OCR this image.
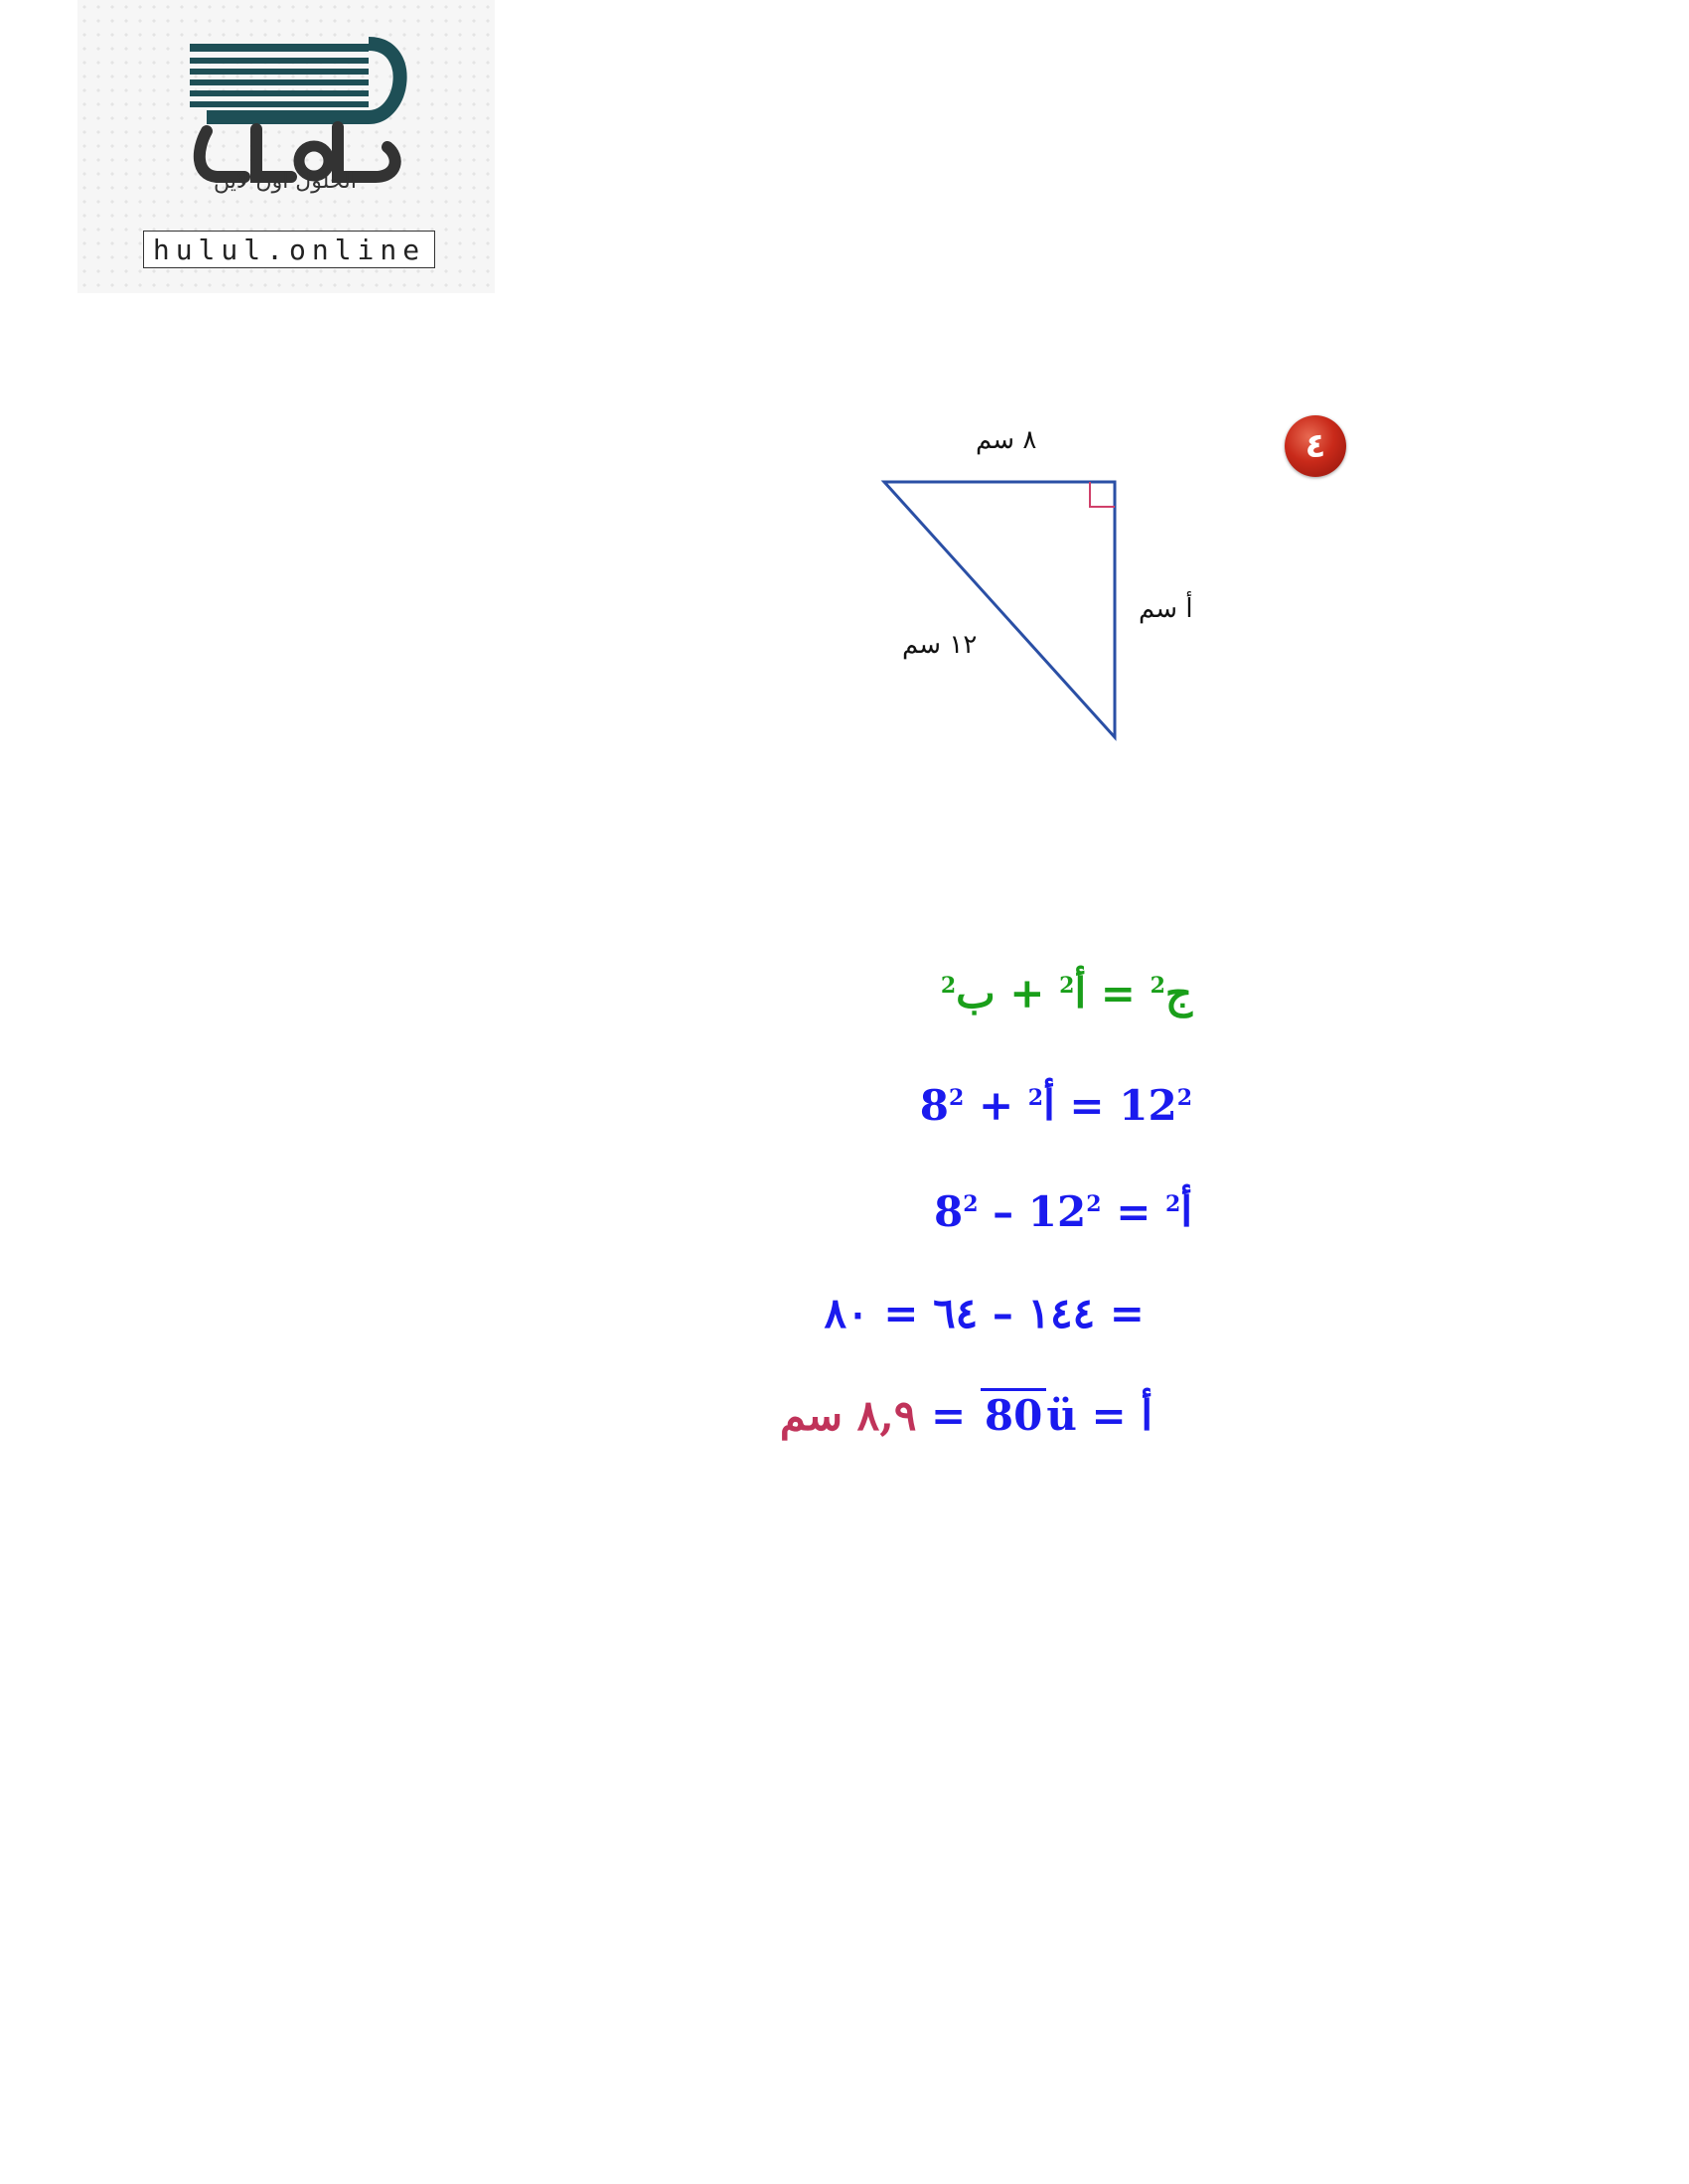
الحلول اون لاين
hulul.online
٤
٨ سم
أ سم
١٢ سم
ج$^2$ = أ$^2$ + ب$^2$
$12^2$ = أ$^2$ + $8^2$
أ$^2$ = $12^2 - 8^2$
= ١٤٤ – ٦٤ = ٨٠
أ = 80ü = ٨,٩ سم
